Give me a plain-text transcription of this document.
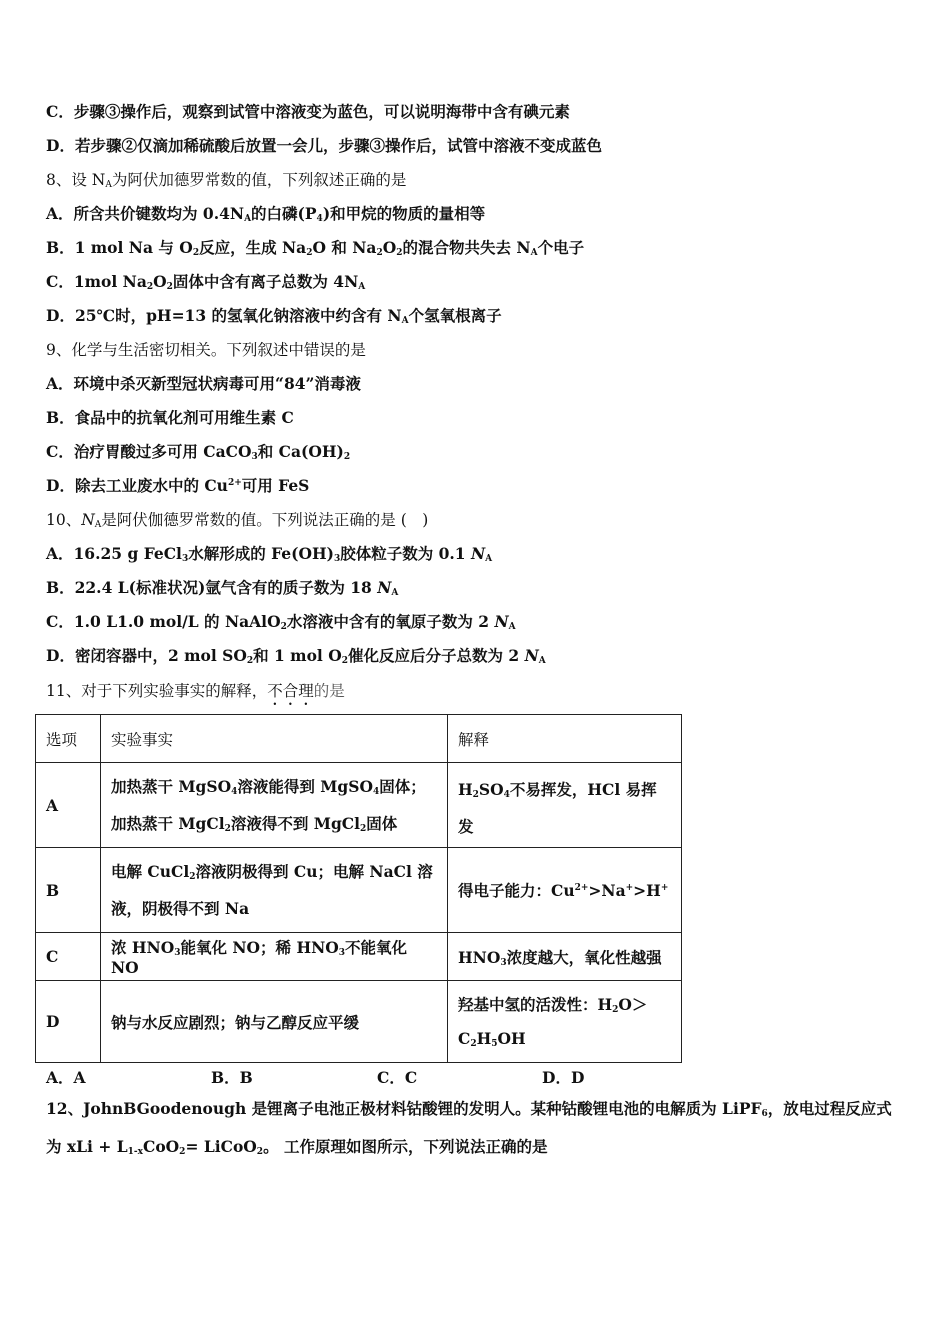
C．步骤③操作后，观察到试管中溶液变为蓝色，可以说明海带中含有碘元素
D．若步骤②仅滴加稀硫酸后放置一会儿，步骤③操作后，试管中溶液不变成蓝色
8、设 $N_A$为阿伏加德罗常数的值，下列叙述正确的是
A．所含共价键数均为 $0.4N_A$的白磷$(P_4)$和甲烷的物质的量相等
B．1 mol Na 与 $O_2$反应，生成 $Na_2O$ 和 $Na_2O_2$的混合物共失去 $N_A$个电子
C．1mol $Na_2O_2$固体中含有离子总数为 $4N_A$
D．25℃时，pH=13 的氢氧化钠溶液中约含有 $N_A$个氢氧根离子
9、化学与生活密切相关。下列叙述中错误的是
A．环境中杀灭新型冠状病毒可用“84”消毒液
B．食品中的抗氧化剂可用维生素 C
C．治疗胃酸过多可用 CaCO$_3$和 $Ca(OH)_2$
D．除去工业废水中的 $Cu^{2+}$可用 FeS
10、$N_A$是阿伏伽德罗常数的值。下列说法正确的是 (　)
A．16.25 g FeCl$_3$水解形成的 $Fe(OH)_3$胶体粒子数为 0.1 $N_A$
B．22.4 L(标准状况)氩气含有的质子数为 18 $N_A$
C．1.0 L1.0 mol/L 的 NaAlO$_2$水溶液中含有的氧原子数为 2 $N_A$
D．密闭容器中，2 mol $SO_2$和 1 mol $O_2$催化反应后分子总数为 2 $N_A$
11、对于下列实验事实的解释，不合理的是
选项	实验事实	解释
A	加热蒸干 MgSO$_4$溶液能得到 MgSO$_4$固体；
加热蒸干 MgCl$_2$溶液得不到 MgCl$_2$固体	$H_2SO_4$不易挥发，HCl 易挥发

B	电解 CuCl$_2$溶液阴极得到 Cu；电解 NaCl 溶
液，阴极得不到 Na	得电子能力：$Cu^{2+}>Na^+>H^+$

C	浓 $HNO_3$能氧化 NO；稀 $HNO_3$不能氧化 NO	$HNO_3$浓度越大，氧化性越强
D	钠与水反应剧烈；钠与乙醇反应平缓	羟基中氢的活泼性：$H_2O>$
$C_2H_5OH$
A．A	B．B	C．C	D．D
12、JohnBGoodenough 是锂离子电池正极材料钴酸锂的发明人。某种钴酸锂电池的电解质为 LiPF$_6$，放电过程反应式
为 xLi + $L_{1-x}CoO_2=$ LiCoO$_2$。 工作原理如图所示，下列说法正确的是
